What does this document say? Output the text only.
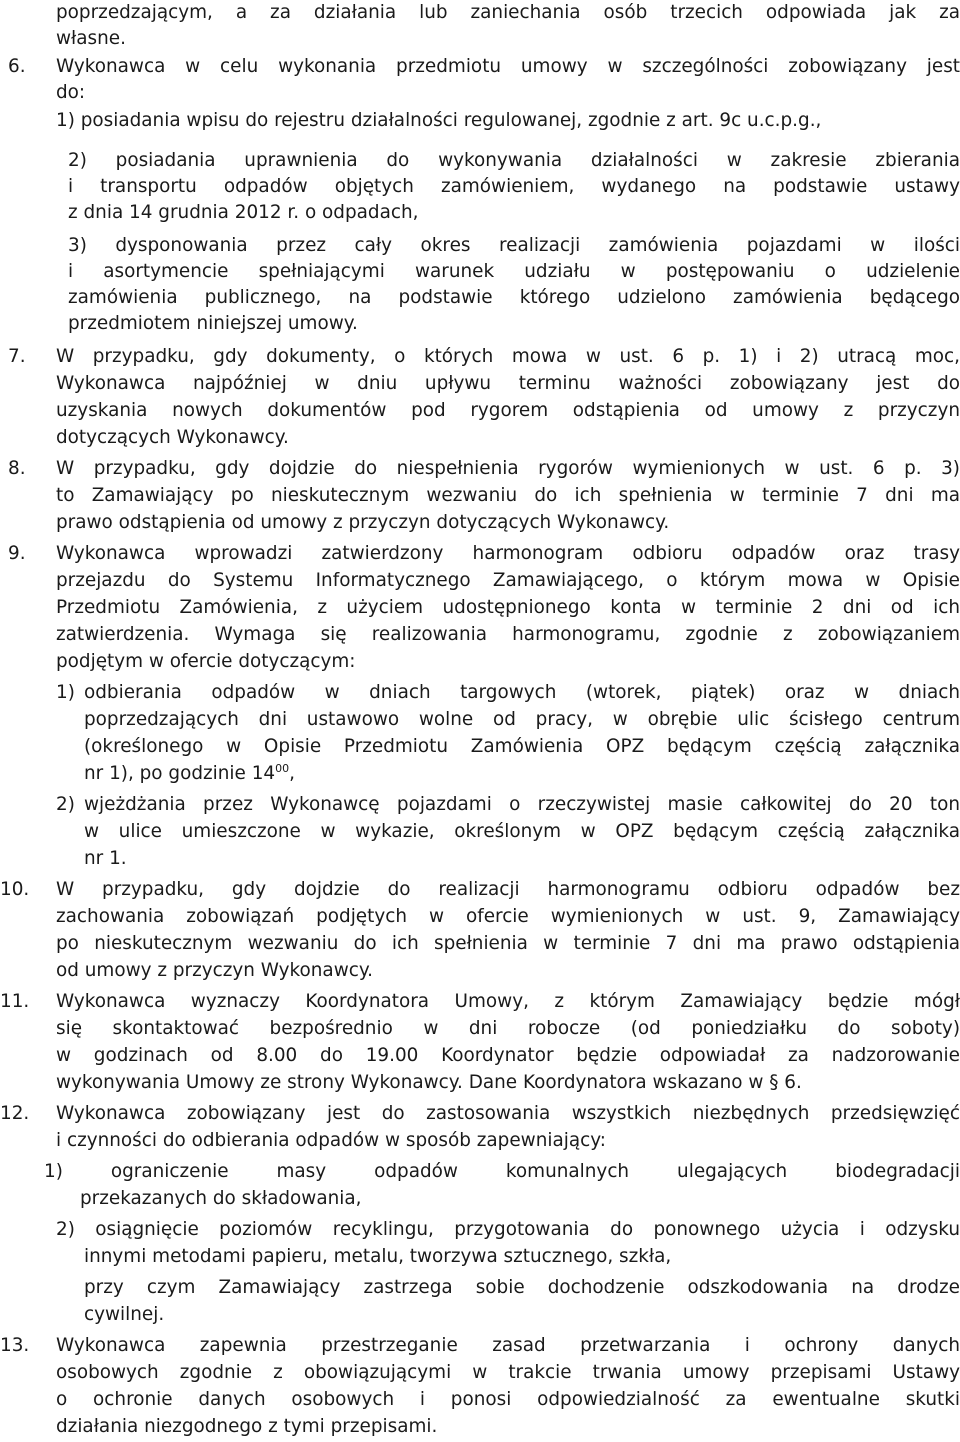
poprzedzającym, a za działania lub zaniechania osób trzecich odpowiada jak za
własne.
6. Wykonawca w celu wykonania przedmiotu umowy w szczególności zobowiązany jest
do:
1) posiadania wpisu do rejestru działalności regulowanej, zgodnie z art. 9c u.c.p.g.,
2) posiadania uprawnienia do wykonywania działalności w zakresie zbierania
i transportu odpadów objętych zamówieniem, wydanego na podstawie ustawy
z dnia 14 grudnia 2012 r. o odpadach,
3) dysponowania przez cały okres realizacji zamówienia pojazdami w ilości
i asortymencie spełniającymi warunek udziału w postępowaniu o udzielenie
zamówienia publicznego, na podstawie którego udzielono zamówienia będącego
przedmiotem niniejszej umowy.
7. W przypadku, gdy dokumenty, o których mowa w ust. 6 p. 1) i 2) utracą moc,
Wykonawca najpóźniej w dniu upływu terminu ważności zobowiązany jest do
uzyskania nowych dokumentów pod rygorem odstąpienia od umowy z przyczyn
dotyczących Wykonawcy.
8. W przypadku, gdy dojdzie do niespełnienia rygorów wymienionych w ust. 6 p. 3)
to Zamawiający po nieskutecznym wezwaniu do ich spełnienia w terminie 7 dni ma
prawo odstąpienia od umowy z przyczyn dotyczących Wykonawcy.
9. Wykonawca wprowadzi zatwierdzony harmonogram odbioru odpadów oraz trasy
przejazdu do Systemu Informatycznego Zamawiającego, o którym mowa w Opisie
Przedmiotu Zamówienia, z użyciem udostępnionego konta w terminie 2 dni od ich
zatwierdzenia. Wymaga się realizowania harmonogramu, zgodnie z zobowiązaniem
podjętym w ofercie dotyczącym:
1) odbierania odpadów w dniach targowych (wtorek, piątek) oraz w dniach
poprzedzających dni ustawowo wolne od pracy, w obrębie ulic ścisłego centrum
(określonego w Opisie Przedmiotu Zamówienia OPZ będącym częścią załącznika
nr 1), po godzinie $14^{00}$,
2) wjeżdżania przez Wykonawcę pojazdami o rzeczywistej masie całkowitej do 20 ton
w ulice umieszczone w wykazie, określonym w OPZ będącym częścią załącznika
nr 1.
10. W przypadku, gdy dojdzie do realizacji harmonogramu odbioru odpadów bez
zachowania zobowiązań podjętych w ofercie wymienionych w ust. 9, Zamawiający
po nieskutecznym wezwaniu do ich spełnienia w terminie 7 dni ma prawo odstąpienia
od umowy z przyczyn Wykonawcy.
11. Wykonawca wyznaczy Koordynatora Umowy, z którym Zamawiający będzie mógł
się skontaktować bezpośrednio w dni robocze (od poniedziałku do soboty)
w godzinach od 8.00 do 19.00 Koordynator będzie odpowiadał za nadzorowanie
wykonywania Umowy ze strony Wykonawcy. Dane Koordynatora wskazano w § 6.
12. Wykonawca zobowiązany jest do zastosowania wszystkich niezbędnych przedsięwzięć
i czynności do odbierania odpadów w sposób zapewniający:
1) ograniczenie masy odpadów komunalnych ulegających biodegradacji
przekazanych do składowania,
2) osiągnięcie poziomów recyklingu, przygotowania do ponownego użycia i odzysku
innymi metodami papieru, metalu, tworzywa sztucznego, szkła,
przy czym Zamawiający zastrzega sobie dochodzenie odszkodowania na drodze
cywilnej.
13. Wykonawca zapewnia przestrzeganie zasad przetwarzania i ochrony danych
osobowych zgodnie z obowiązującymi w trakcie trwania umowy przepisami Ustawy
o ochronie danych osobowych i ponosi odpowiedzialność za ewentualne skutki
działania niezgodnego z tymi przepisami.
